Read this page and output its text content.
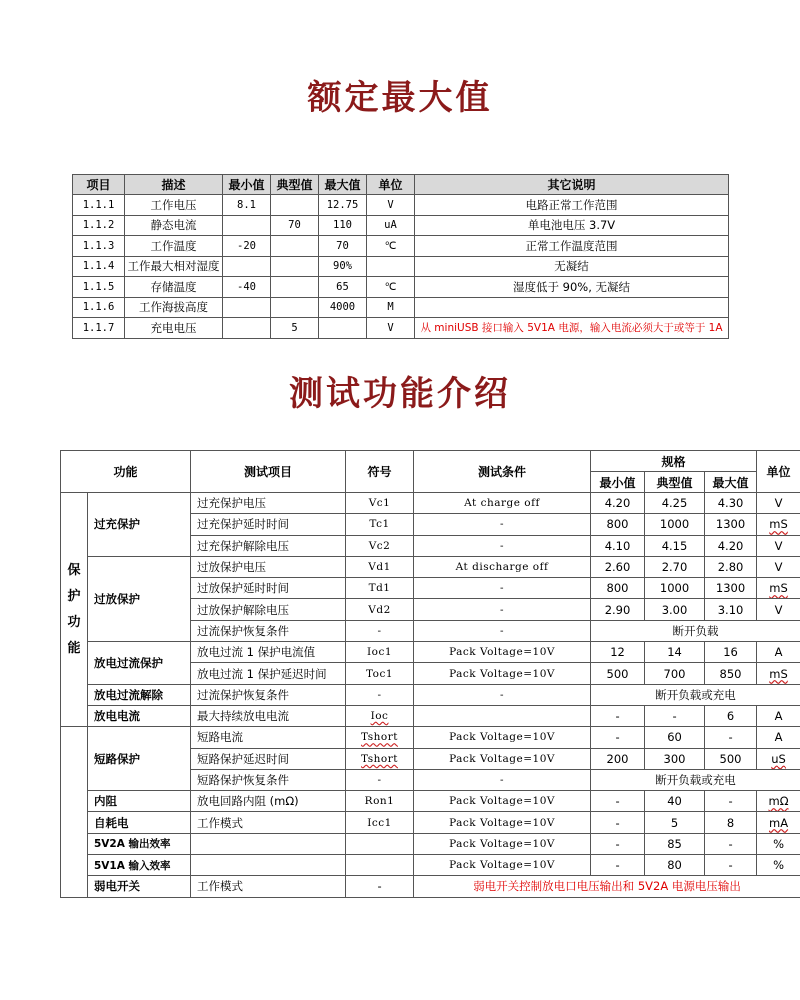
额定最大值
项目	描述	最小值	典型值	最大值	单位	其它说明
1.1.1	工作电压	8.1		12.75	V	电路正常工作范围
1.1.2	静态电流		70	110	uA	单电池电压 3.7V
1.1.3	工作温度	-20		70	℃	正常工作温度范围
1.1.4	工作最大相对湿度			90%		无凝结
1.1.5	存储温度	-40		65	℃	湿度低于 90%, 无凝结
1.1.6	工作海拔高度			4000	M	
1.1.7	充电电压		5		V	从 miniUSB 接口输入 5V1A 电源，输入电流必须大于或等于 1A
测试功能介绍
功能		测试项目	符号	测试条件	规格			单位
					最小值	典型值	最大值	
保
护
功
能	过充保护	过充保护电压	Vc1	At charge off	4.20	4.25	4.30	V
		过充保护延时时间	Tc1	-	800	1000	1300	mS
		过充保护解除电压	Vc2	-	4.10	4.15	4.20	V
	过放保护	过放保护电压	Vd1	At discharge off	2.60	2.70	2.80	V
		过放保护延时时间	Td1	-	800	1000	1300	mS
		过放保护解除电压	Vd2	-	2.90	3.00	3.10	V
		过流保护恢复条件	-	-	断开负载			
	放电过流保护	放电过流 1 保护电流值	Ioc1	Pack Voltage=10V	12	14	16	A
		放电过流 1 保护延迟时间	Toc1	Pack Voltage=10V	500	700	850	mS
	放电过流解除	过流保护恢复条件	-	-	断开负载或充电			
	放电电流	最大持续放电电流	Ioc		-	-	6	A
	短路保护	短路电流	Tshort	Pack Voltage=10V	-	60	-	A
		短路保护延迟时间	Tshort	Pack Voltage=10V	200	300	500	uS
		短路保护恢复条件	-	-	断开负载或充电			
	内阻	放电回路内阻 (mΩ)	Ron1	Pack Voltage=10V	-	40	-	mΩ
	自耗电	工作模式	Icc1	Pack Voltage=10V	-	5	8	mA
	5V2A 输出效率			Pack Voltage=10V	-	85	-	%
	5V1A 输入效率			Pack Voltage=10V	-	80	-	%
	弱电开关	工作模式	-	弱电开关控制放电口电压输出和 5V2A 电源电压输出				
